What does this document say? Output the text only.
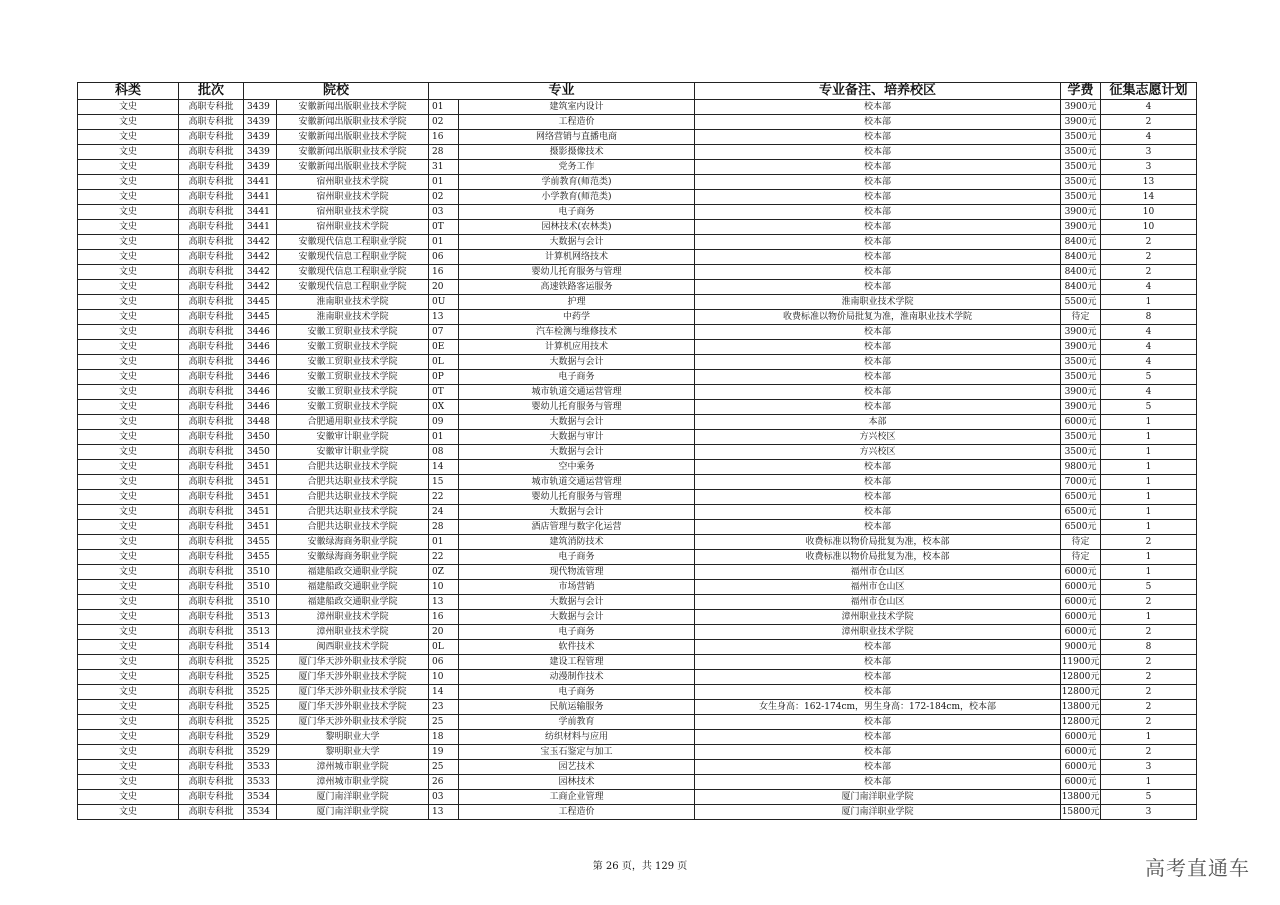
科类	批次	院校		专业		专业备注、培养校区	学费	征集志愿计划
文史	高职专科批	3439	安徽新闻出版职业技术学院	01	建筑室内设计	校本部	3900元	4
文史	高职专科批	3439	安徽新闻出版职业技术学院	02	工程造价	校本部	3900元	2
文史	高职专科批	3439	安徽新闻出版职业技术学院	16	网络营销与直播电商	校本部	3500元	4
文史	高职专科批	3439	安徽新闻出版职业技术学院	28	摄影摄像技术	校本部	3500元	3
文史	高职专科批	3439	安徽新闻出版职业技术学院	31	党务工作	校本部	3500元	3
文史	高职专科批	3441	宿州职业技术学院	01	学前教育(师范类)	校本部	3500元	13
文史	高职专科批	3441	宿州职业技术学院	02	小学教育(师范类)	校本部	3500元	14
文史	高职专科批	3441	宿州职业技术学院	03	电子商务	校本部	3900元	10
文史	高职专科批	3441	宿州职业技术学院	0T	园林技术(农林类)	校本部	3900元	10
文史	高职专科批	3442	安徽现代信息工程职业学院	01	大数据与会计	校本部	8400元	2
文史	高职专科批	3442	安徽现代信息工程职业学院	06	计算机网络技术	校本部	8400元	2
文史	高职专科批	3442	安徽现代信息工程职业学院	16	婴幼儿托育服务与管理	校本部	8400元	2
文史	高职专科批	3442	安徽现代信息工程职业学院	20	高速铁路客运服务	校本部	8400元	4
文史	高职专科批	3445	淮南职业技术学院	0U	护理	淮南职业技术学院	5500元	1
文史	高职专科批	3445	淮南职业技术学院	13	中药学	收费标准以物价局批复为准，淮南职业技术学院	待定	8
文史	高职专科批	3446	安徽工贸职业技术学院	07	汽车检测与维修技术	校本部	3900元	4
文史	高职专科批	3446	安徽工贸职业技术学院	0E	计算机应用技术	校本部	3900元	4
文史	高职专科批	3446	安徽工贸职业技术学院	0L	大数据与会计	校本部	3500元	4
文史	高职专科批	3446	安徽工贸职业技术学院	0P	电子商务	校本部	3500元	5
文史	高职专科批	3446	安徽工贸职业技术学院	0T	城市轨道交通运营管理	校本部	3900元	4
文史	高职专科批	3446	安徽工贸职业技术学院	0X	婴幼儿托育服务与管理	校本部	3900元	5
文史	高职专科批	3448	合肥通用职业技术学院	09	大数据与会计	本部	6000元	1
文史	高职专科批	3450	安徽审计职业学院	01	大数据与审计	方兴校区	3500元	1
文史	高职专科批	3450	安徽审计职业学院	08	大数据与会计	方兴校区	3500元	1
文史	高职专科批	3451	合肥共达职业技术学院	14	空中乘务	校本部	9800元	1
文史	高职专科批	3451	合肥共达职业技术学院	15	城市轨道交通运营管理	校本部	7000元	1
文史	高职专科批	3451	合肥共达职业技术学院	22	婴幼儿托育服务与管理	校本部	6500元	1
文史	高职专科批	3451	合肥共达职业技术学院	24	大数据与会计	校本部	6500元	1
文史	高职专科批	3451	合肥共达职业技术学院	28	酒店管理与数字化运营	校本部	6500元	1
文史	高职专科批	3455	安徽绿海商务职业学院	01	建筑消防技术	收费标准以物价局批复为准，校本部	待定	2
文史	高职专科批	3455	安徽绿海商务职业学院	22	电子商务	收费标准以物价局批复为准，校本部	待定	1
文史	高职专科批	3510	福建船政交通职业学院	0Z	现代物流管理	福州市仓山区	6000元	1
文史	高职专科批	3510	福建船政交通职业学院	10	市场营销	福州市仓山区	6000元	5
文史	高职专科批	3510	福建船政交通职业学院	13	大数据与会计	福州市仓山区	6000元	2
文史	高职专科批	3513	漳州职业技术学院	16	大数据与会计	漳州职业技术学院	6000元	1
文史	高职专科批	3513	漳州职业技术学院	20	电子商务	漳州职业技术学院	6000元	2
文史	高职专科批	3514	闽西职业技术学院	0L	软件技术	校本部	9000元	8
文史	高职专科批	3525	厦门华天涉外职业技术学院	06	建设工程管理	校本部	11900元	2
文史	高职专科批	3525	厦门华天涉外职业技术学院	10	动漫制作技术	校本部	12800元	2
文史	高职专科批	3525	厦门华天涉外职业技术学院	14	电子商务	校本部	12800元	2
文史	高职专科批	3525	厦门华天涉外职业技术学院	23	民航运输服务	女生身高：162-174cm，男生身高：172-184cm，校本部	13800元	2
文史	高职专科批	3525	厦门华天涉外职业技术学院	25	学前教育	校本部	12800元	2
文史	高职专科批	3529	黎明职业大学	18	纺织材料与应用	校本部	6000元	1
文史	高职专科批	3529	黎明职业大学	19	宝玉石鉴定与加工	校本部	6000元	2
文史	高职专科批	3533	漳州城市职业学院	25	园艺技术	校本部	6000元	3
文史	高职专科批	3533	漳州城市职业学院	26	园林技术	校本部	6000元	1
文史	高职专科批	3534	厦门南洋职业学院	03	工商企业管理	厦门南洋职业学院	13800元	5
文史	高职专科批	3534	厦门南洋职业学院	13	工程造价	厦门南洋职业学院	15800元	3
第 26 页，共 129 页	高考直通车
